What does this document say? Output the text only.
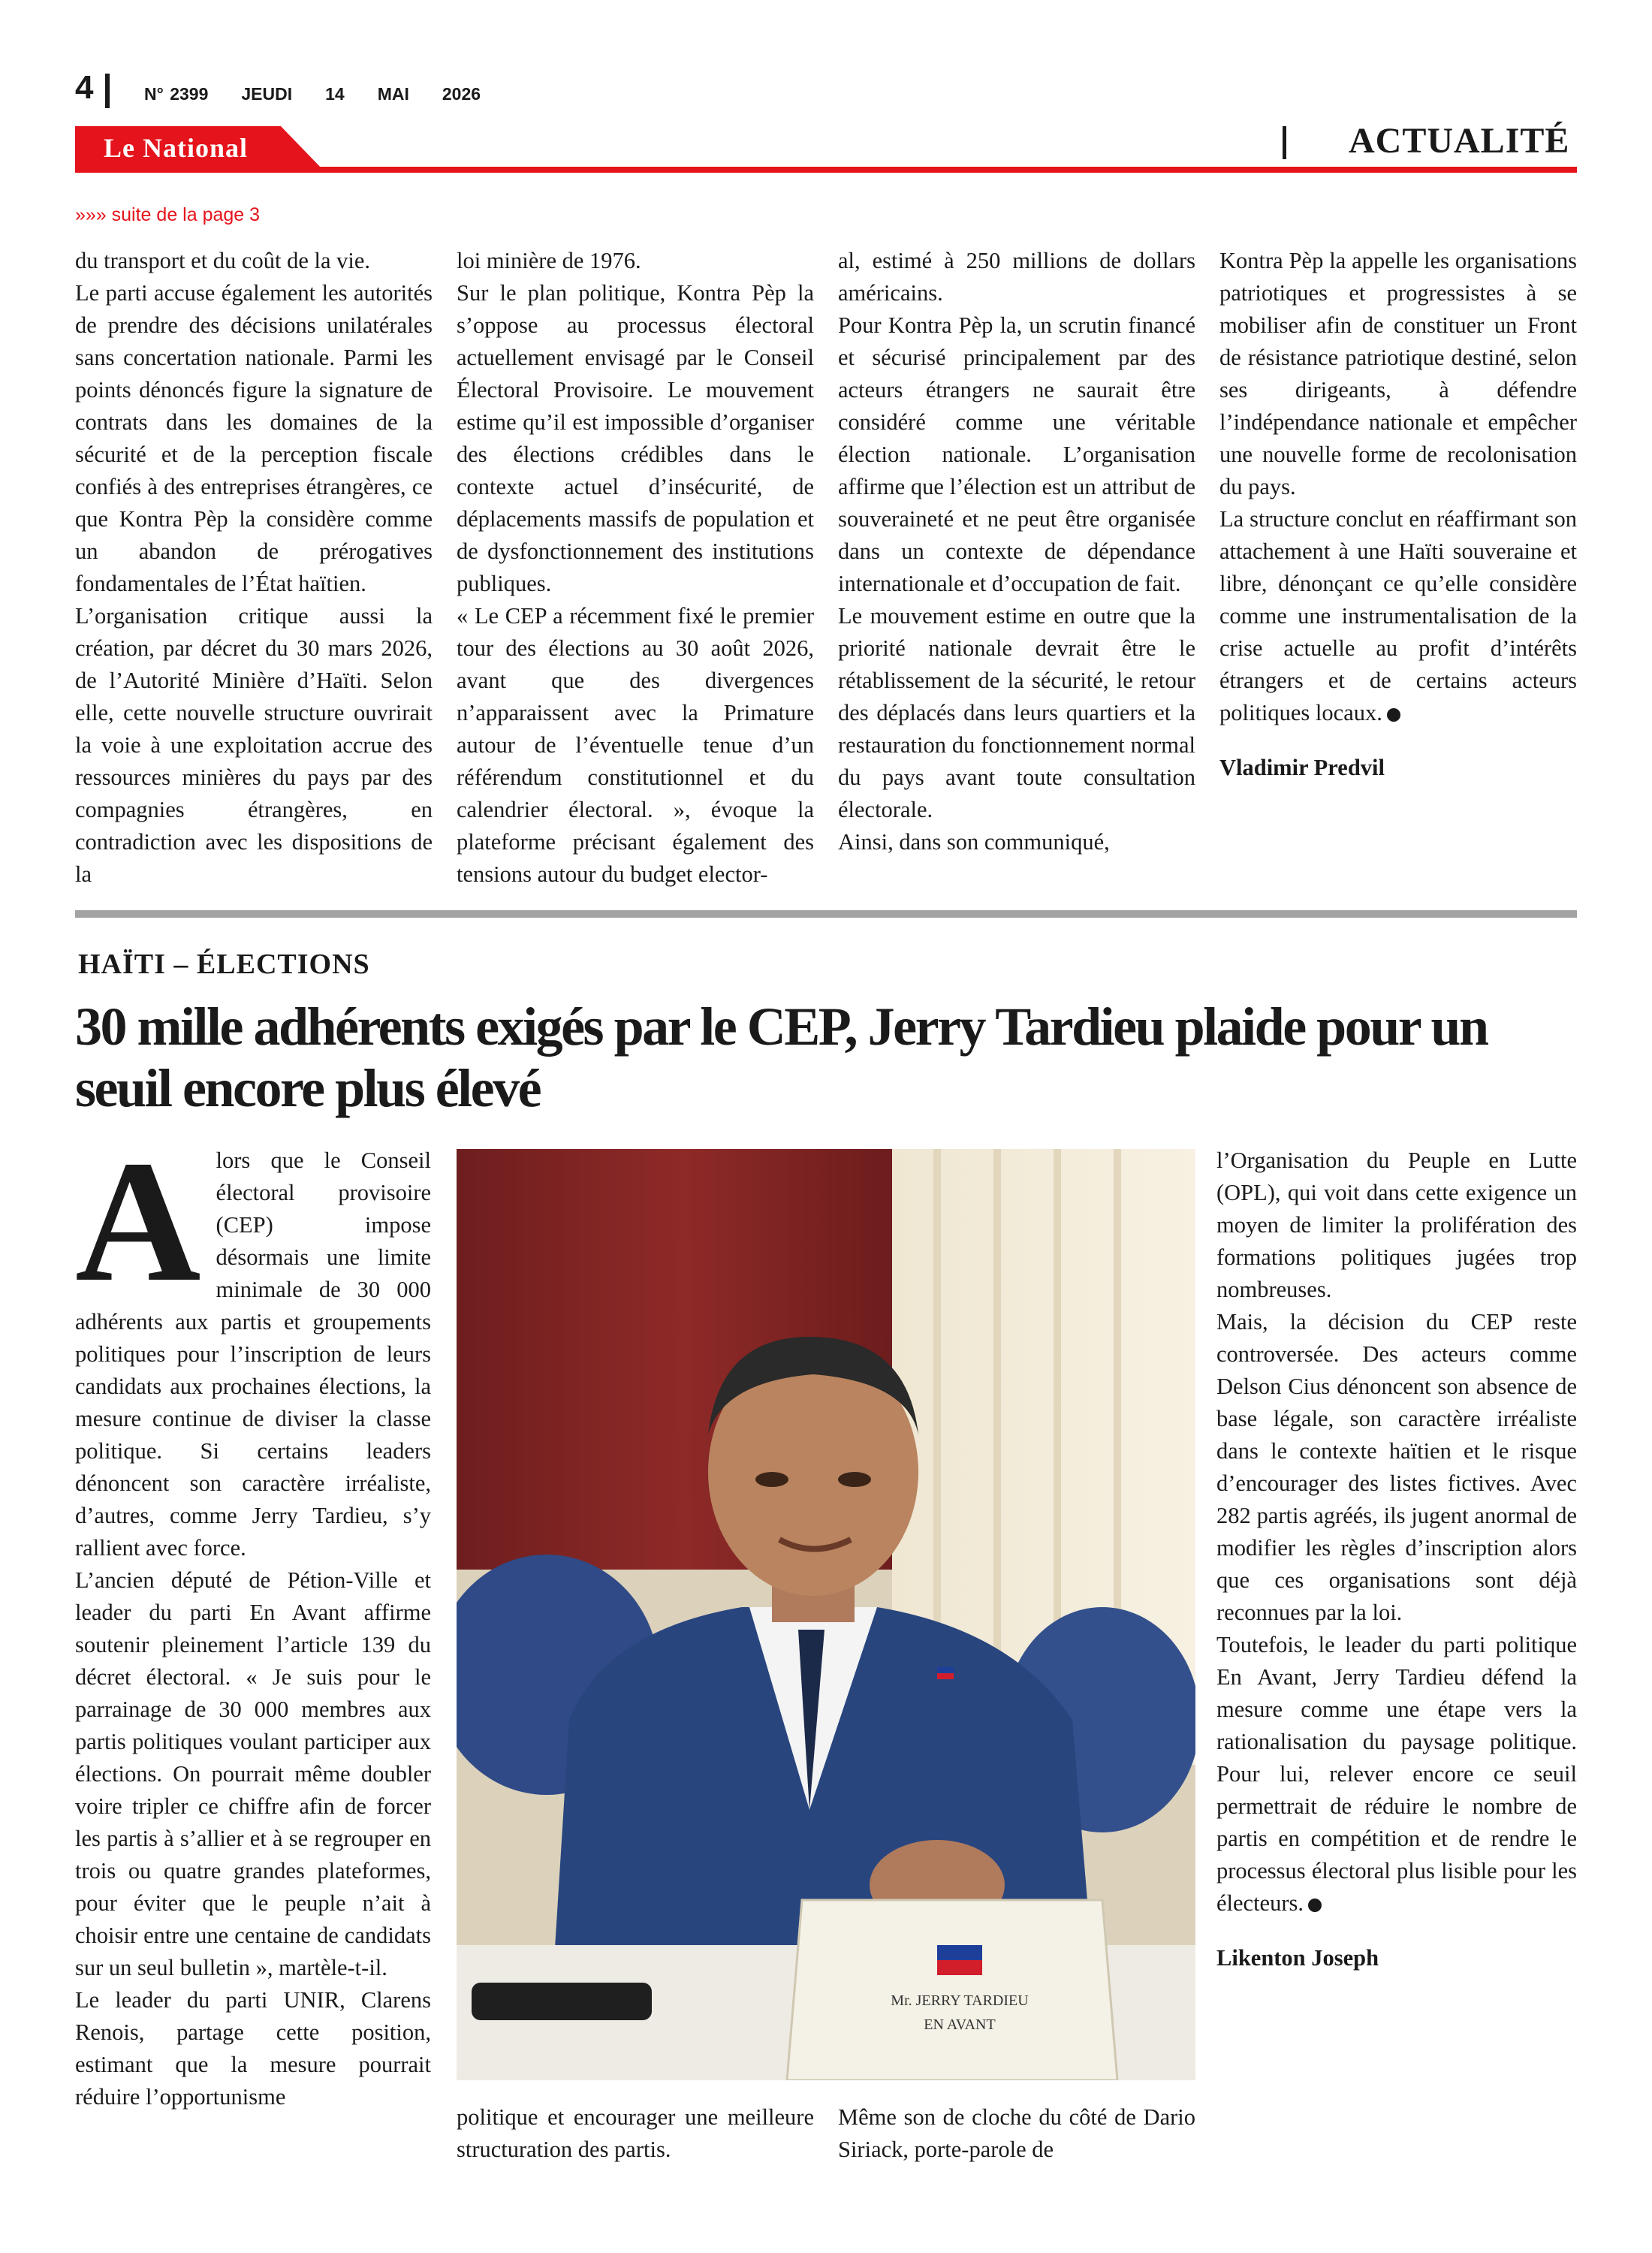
4	N° 2399 JEUDI 14 MAI 2026
Le National	ACTUALITÉ
»»» suite de la page 3

du transport et du coût de la vie.

Le parti accuse également les autorités de prendre des décisions unilatérales sans concertation nationale. Parmi les points dénoncés figure la signature de contrats dans les domaines de la sécurité et de la perception fiscale confiés à des entreprises étrangères, ce que Kontra Pèp la considère comme un abandon de prérogatives fondamentales de l’État haïtien.

L’organisation critique aussi la création, par décret du 30 mars 2026, de l’Autorité Minière d’Haïti. Selon elle, cette nouvelle structure ouvrirait la voie à une exploitation accrue des ressources minières du pays par des compagnies étrangères, en contradiction avec les dispositions de la

loi minière de 1976.

Sur le plan politique, Kontra Pèp la s’oppose au processus électoral actuellement envisagé par le Conseil Électoral Provisoire. Le mouvement estime qu’il est impossible d’organiser des élections crédibles dans le contexte actuel d’insécurité, de déplacements massifs de population et de dysfonctionnement des institutions publiques.

« Le CEP a récemment fixé le premier tour des élections au 30 août 2026, avant que des divergences n’apparaissent avec la Primature autour de l’éventuelle tenue d’un référendum constitutionnel et du calendrier électoral. », évoque la plateforme précisant également des tensions autour du budget elector-

al, estimé à 250 millions de dollars américains.

Pour Kontra Pèp la, un scrutin financé et sécurisé principalement par des acteurs étrangers ne saurait être considéré comme une véritable élection nationale. L’organisation affirme que l’élection est un attribut de souveraineté et ne peut être organisée dans un contexte de dépendance internationale et d’occupation de fait.

Le mouvement estime en outre que la priorité nationale devrait être le rétablissement de la sécurité, le retour des déplacés dans leurs quartiers et la restauration du fonctionnement normal du pays avant toute consultation électorale.

Ainsi, dans son communiqué,

Kontra Pèp la appelle les organisations patriotiques et progressistes à se mobiliser afin de constituer un Front de résistance patriotique destiné, selon ses dirigeants, à défendre l’indépendance nationale et empêcher une nouvelle forme de recolonisation du pays.

La structure conclut en réaffirmant son attachement à une Haïti souveraine et libre, dénonçant ce qu’elle considère comme une instrumentalisation de la crise actuelle au profit d’intérêts étrangers et de certains acteurs politiques locaux.

Vladimir Predvil

HAÏTI – ÉLECTIONS
30 mille adhérents exigés par le CEP, Jerry Tardieu plaide pour un seuil encore plus élevé

Alors que le Conseil électoral provisoire (CEP) impose désormais une limite minimale de 30 000 adhérents aux partis et groupements politiques pour l’inscription de leurs candidats aux prochaines élections, la mesure continue de diviser la classe politique. Si certains leaders dénoncent son caractère irréaliste, d’autres, comme Jerry Tardieu, s’y rallient avec force.

L’ancien député de Pétion-Ville et leader du parti En Avant affirme soutenir pleinement l’article 139 du décret électoral. « Je suis pour le parrainage de 30 000 membres aux partis politiques voulant participer aux élections. On pourrait même doubler voire tripler ce chiffre afin de forcer les partis à s’allier et à se regrouper en trois ou quatre grandes plateformes, pour éviter que le peuple n’ait à choisir entre une centaine de candidats sur un seul bulletin », martèle-t-il.

Le leader du parti UNIR, Clarens Renois, partage cette position, estimant que la mesure pourrait réduire l’opportunisme

Mr. JERRY TARDIEU
EN AVANT

politique et encourager une meilleure structuration des partis.

Même son de cloche du côté de Dario Siriack, porte-parole de

l’Organisation du Peuple en Lutte (OPL), qui voit dans cette exigence un moyen de limiter la prolifération des formations politiques jugées trop nombreuses.

Mais, la décision du CEP reste controversée. Des acteurs comme Delson Cius dénoncent son absence de base légale, son caractère irréaliste dans le contexte haïtien et le risque d’encourager des listes fictives. Avec 282 partis agréés, ils jugent anormal de modifier les règles d’inscription alors que ces organisations sont déjà reconnues par la loi.

Toutefois, le leader du parti politique En Avant, Jerry Tardieu défend la mesure comme une étape vers la rationalisation du paysage politique. Pour lui, relever encore ce seuil permettrait de réduire le nombre de partis en compétition et de rendre le processus électoral plus lisible pour les électeurs.

Likenton Joseph
